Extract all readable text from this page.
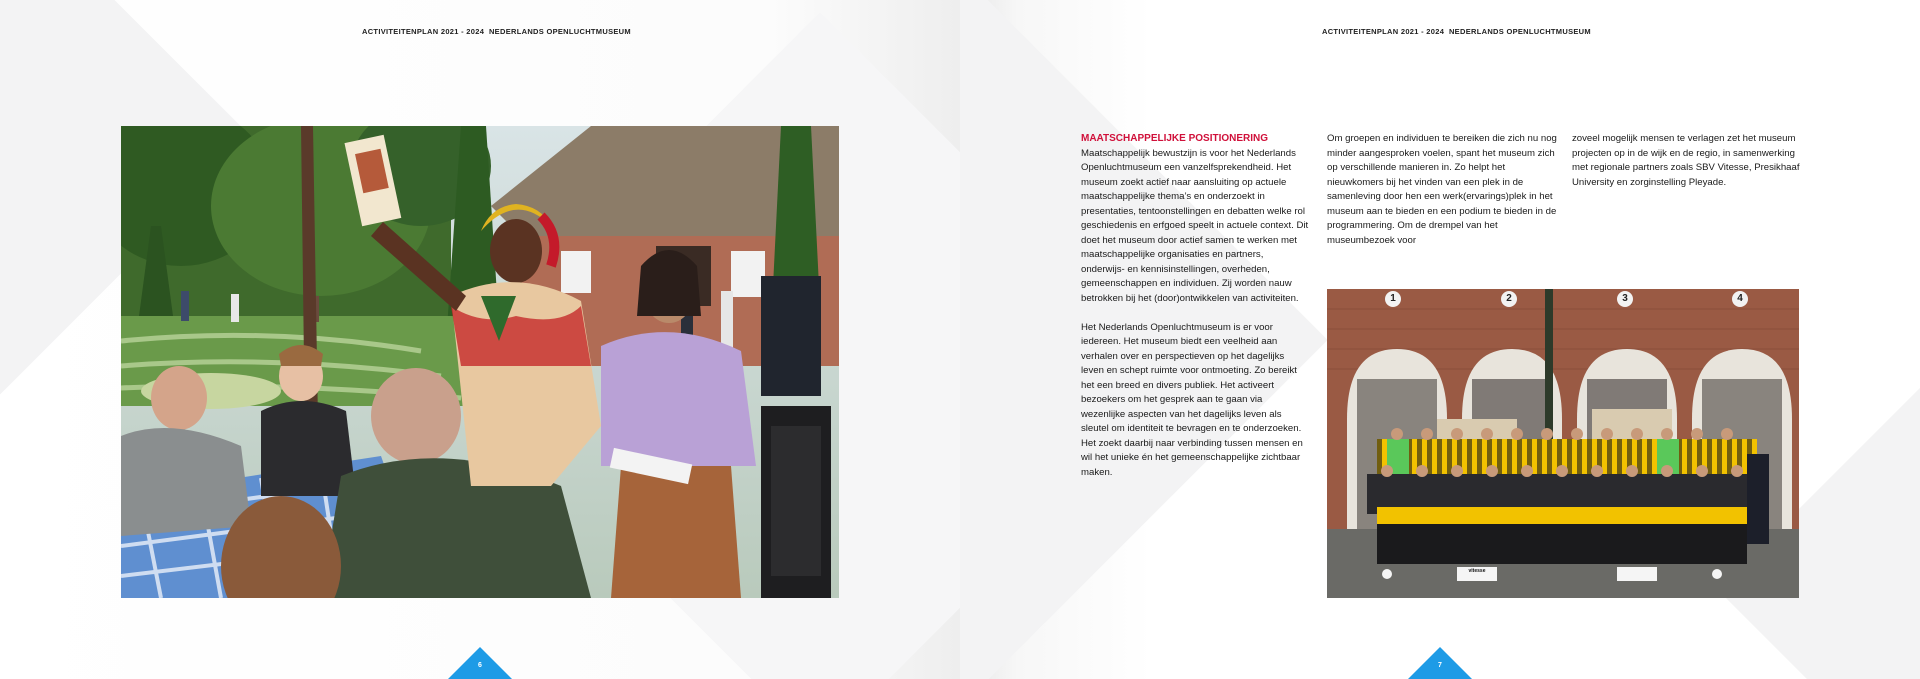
ACTIVITEITENPLAN 2021 - 2024 NEDERLANDS OPENLUCHTMUSEUM
6
ACTIVITEITENPLAN 2021 - 2024 NEDERLANDS OPENLUCHTMUSEUM
MAATSCHAPPELIJKE POSITIONERING

Maatschappelijk bewustzijn is voor het Nederlands Openluchtmuseum een vanzelfsprekendheid. Het museum zoekt actief naar aansluiting op actuele maatschappelijke thema’s en onderzoekt in presentaties, tentoonstellingen en debatten welke rol geschiedenis en erfgoed speelt in actuele context. Dit doet het museum door actief samen te werken met maatschappelijke organisaties en partners, onderwijs- en kennisinstellingen, overheden, gemeenschappen en individuen. Zij worden nauw betrokken bij het (door)ontwikkelen van activiteiten.

Het Nederlands Openluchtmuseum is er voor iedereen. Het museum biedt een veelheid aan verhalen over en perspectieven op het dagelijks leven en schept ruimte voor ontmoeting. Zo bereikt het een breed en divers publiek. Het activeert bezoekers om het gesprek aan te gaan via wezenlijke aspecten van het dagelijks leven als sleutel om identiteit te bevragen en te onderzoeken. Het zoekt daarbij naar verbinding tussen mensen en wil het unieke én het gemeenschappelijke zichtbaar maken.

Om groepen en individuen te bereiken die zich nu nog minder aangesproken voelen, spant het museum zich op verschillende manieren in. Zo helpt het nieuwkomers bij het vinden van een plek in de samenleving door hen een werk(ervarings)plek in het museum aan te bieden en een podium te bieden in de programmering. Om de drempel van het museumbezoek voor

zoveel mogelijk mensen te verlagen zet het museum projecten op in de wijk en de regio, in samenwerking met regionale partners zoals SBV Vitesse, Presikhaaf University en zorginstelling Pleyade.

1	2	3	4
vitesse
7
